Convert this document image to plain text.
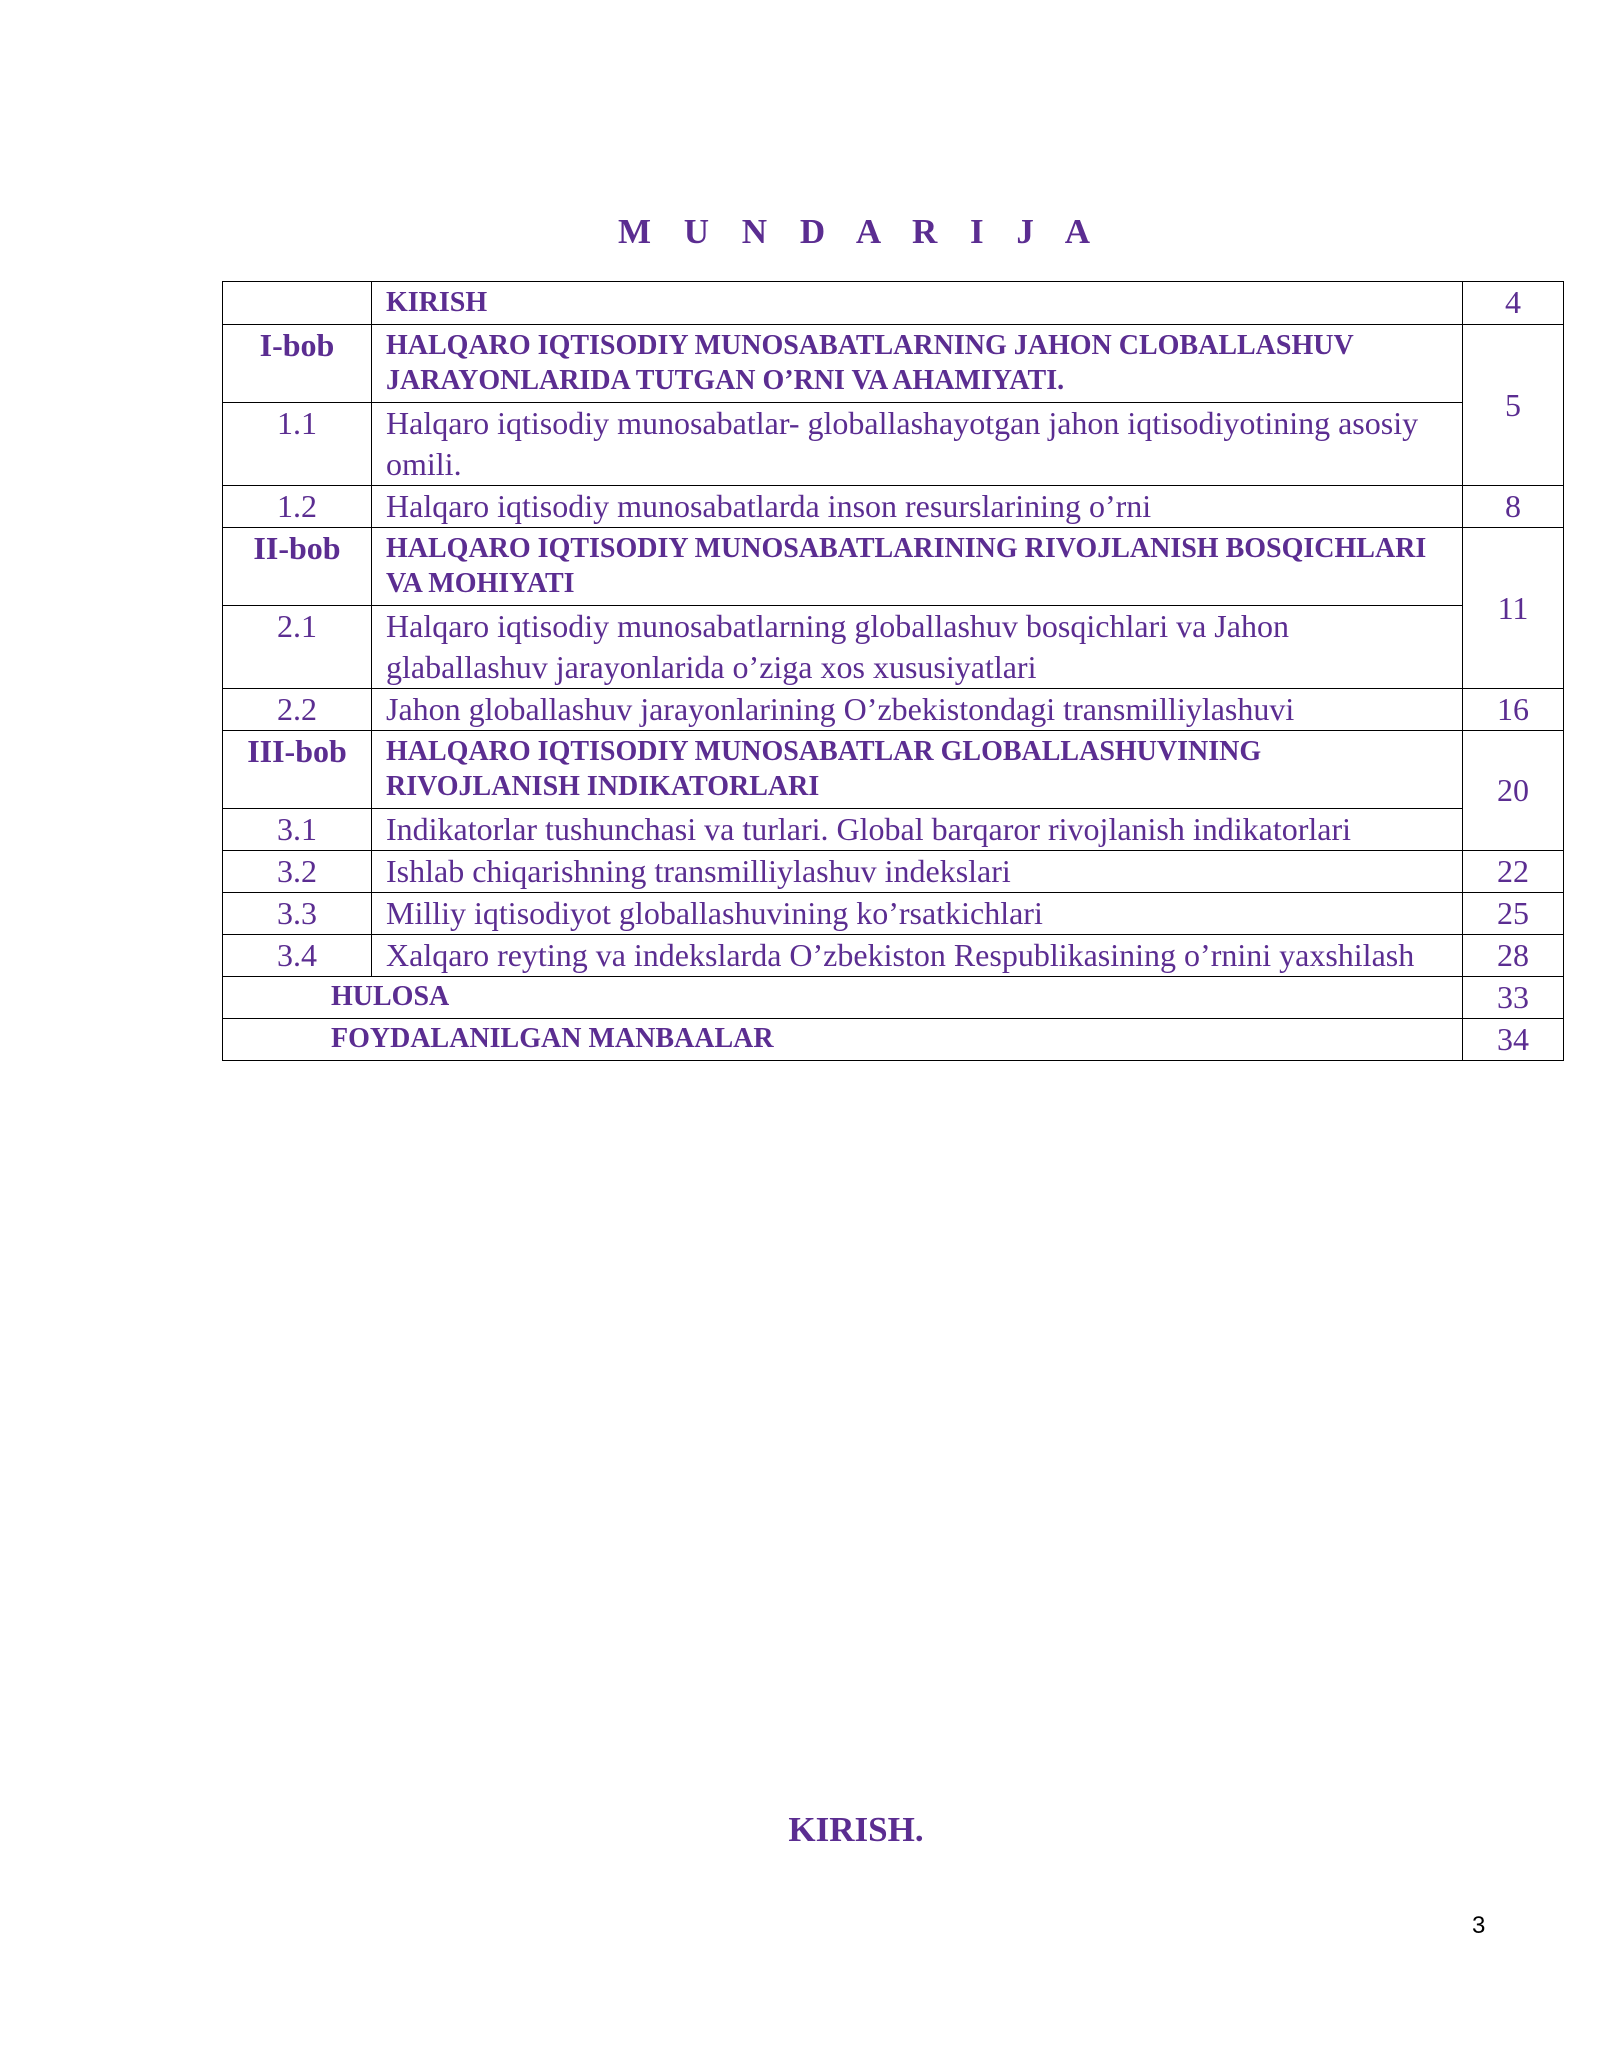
M U N D A R I J A
	KIRISH	4
I-bob	HALQARO IQTISODIY MUNOSABATLARNING JAHON CLOBALLASHUV JARAYONLARIDA TUTGAN O’RNI VA AHAMIYATI.	5
1.1	Halqaro iqtisodiy munosabatlar- globallashayotgan jahon iqtisodiyotining asosiy omili.	
1.2	Halqaro iqtisodiy munosabatlarda inson resurslarining o’rni	8
II-bob	HALQARO IQTISODIY MUNOSABATLARINING RIVOJLANISH BOSQICHLARI VA MOHIYATI	11
2.1	Halqaro iqtisodiy munosabatlarning globallashuv bosqichlari va Jahon glaballashuv jarayonlarida o’ziga xos xususiyatlari	
2.2	Jahon globallashuv jarayonlarining O’zbekistondagi transmilliylashuvi	16
III-bob	HALQARO IQTISODIY MUNOSABATLAR GLOBALLASHUVINING RIVOJLANISH INDIKATORLARI	20
3.1	Indikatorlar tushunchasi va turlari. Global barqaror rivojlanish indikatorlari	
3.2	Ishlab chiqarishning transmilliylashuv indekslari	22
3.3	Milliy iqtisodiyot globallashuvining ko’rsatkichlari	25
3.4	Xalqaro reyting va indekslarda O’zbekiston Respublikasining o’rnini yaxshilash	28
HULOSA		33
FOYDALANILGAN MANBAALAR		34
KIRISH.
3
